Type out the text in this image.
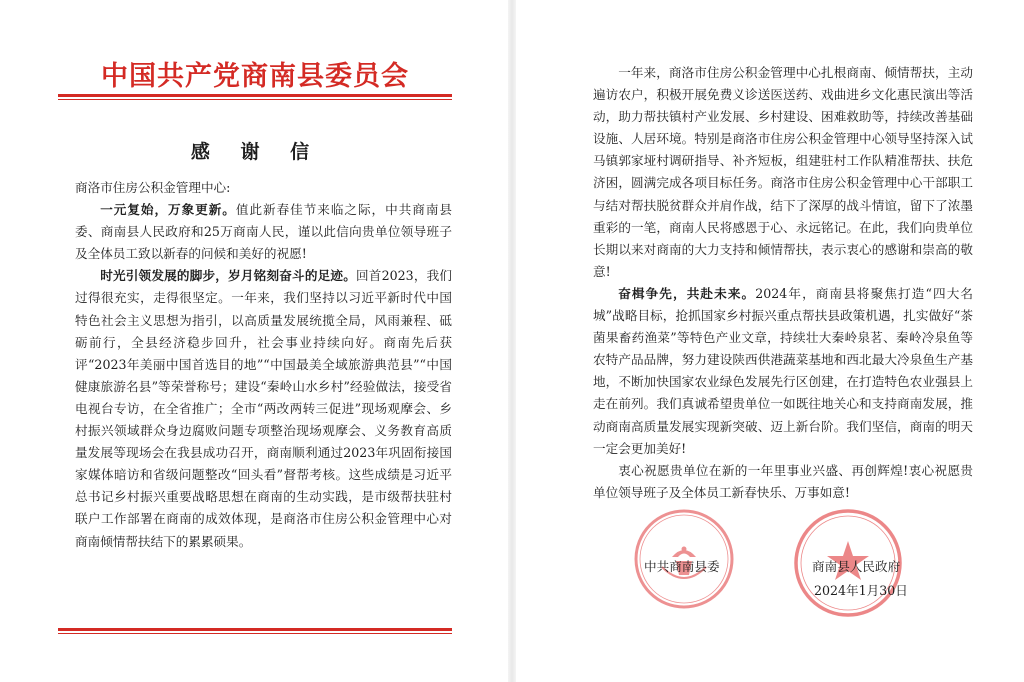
中国共产党商南县委员会
感 谢 信

商洛市住房公积金管理中心:

一元复始，万象更新。值此新春佳节来临之际，中共商南县委、商南县人民政府和25万商南人民，谨以此信向贵单位领导班子及全体员工致以新春的问候和美好的祝愿!

时光引领发展的脚步，岁月铭刻奋斗的足迹。回首2023，我们过得很充实，走得很坚定。一年来，我们坚持以习近平新时代中国特色社会主义思想为指引，以高质量发展统揽全局，风雨兼程、砥砺前行，全县经济稳步回升，社会事业持续向好。商南先后获评“2023年美丽中国首选目的地”“中国最美全域旅游典范县”“中国健康旅游名县”等荣誉称号；建设“秦岭山水乡村”经验做法，接受省电视台专访，在全省推广；全市“两改两转三促进”现场观摩会、乡村振兴领域群众身边腐败问题专项整治现场观摩会、义务教育高质量发展等现场会在我县成功召开，商南顺利通过2023年巩固衔接国家媒体暗访和省级问题整改“回头看”督帮考核。这些成绩是习近平总书记乡村振兴重要战略思想在商南的生动实践，是市级帮扶驻村联户工作部署在商南的成效体现，是商洛市住房公积金管理中心对商南倾情帮扶结下的累累硕果。

一年来，商洛市住房公积金管理中心扎根商南、倾情帮扶，主动遍访农户，积极开展免费义诊送医送药、戏曲进乡文化惠民演出等活动，助力帮扶镇村产业发展、乡村建设、困难救助等，持续改善基础设施、人居环境。特别是商洛市住房公积金管理中心领导坚持深入试马镇郭家垭村调研指导、补齐短板，组建驻村工作队精准帮扶、扶危济困，圆满完成各项目标任务。商洛市住房公积金管理中心干部职工与结对帮扶脱贫群众并肩作战，结下了深厚的战斗情谊，留下了浓墨重彩的一笔，商南人民将感恩于心、永远铭记。在此，我们向贵单位长期以来对商南的大力支持和倾情帮扶，表示衷心的感谢和崇高的敬意!

奋楫争先，共赴未来。2024年，商南县将聚焦打造“四大名城”战略目标，抢抓国家乡村振兴重点帮扶县政策机遇，扎实做好“茶菌果畜药渔菜”等特色产业文章，持续壮大秦岭泉茗、秦岭冷泉鱼等农特产品品牌，努力建设陕西供港蔬菜基地和西北最大冷泉鱼生产基地，不断加快国家农业绿色发展先行区创建，在打造特色农业强县上走在前列。我们真诚希望贵单位一如既往地关心和支持商南发展，推动商南高质量发展实现新突破、迈上新台阶。我们坚信，商南的明天一定会更加美好!

衷心祝愿贵单位在新的一年里事业兴盛、再创辉煌!衷心祝愿贵单位领导班子及全体员工新春快乐、万事如意!

中共商南县委	商南县人民政府
2024年1月30日
